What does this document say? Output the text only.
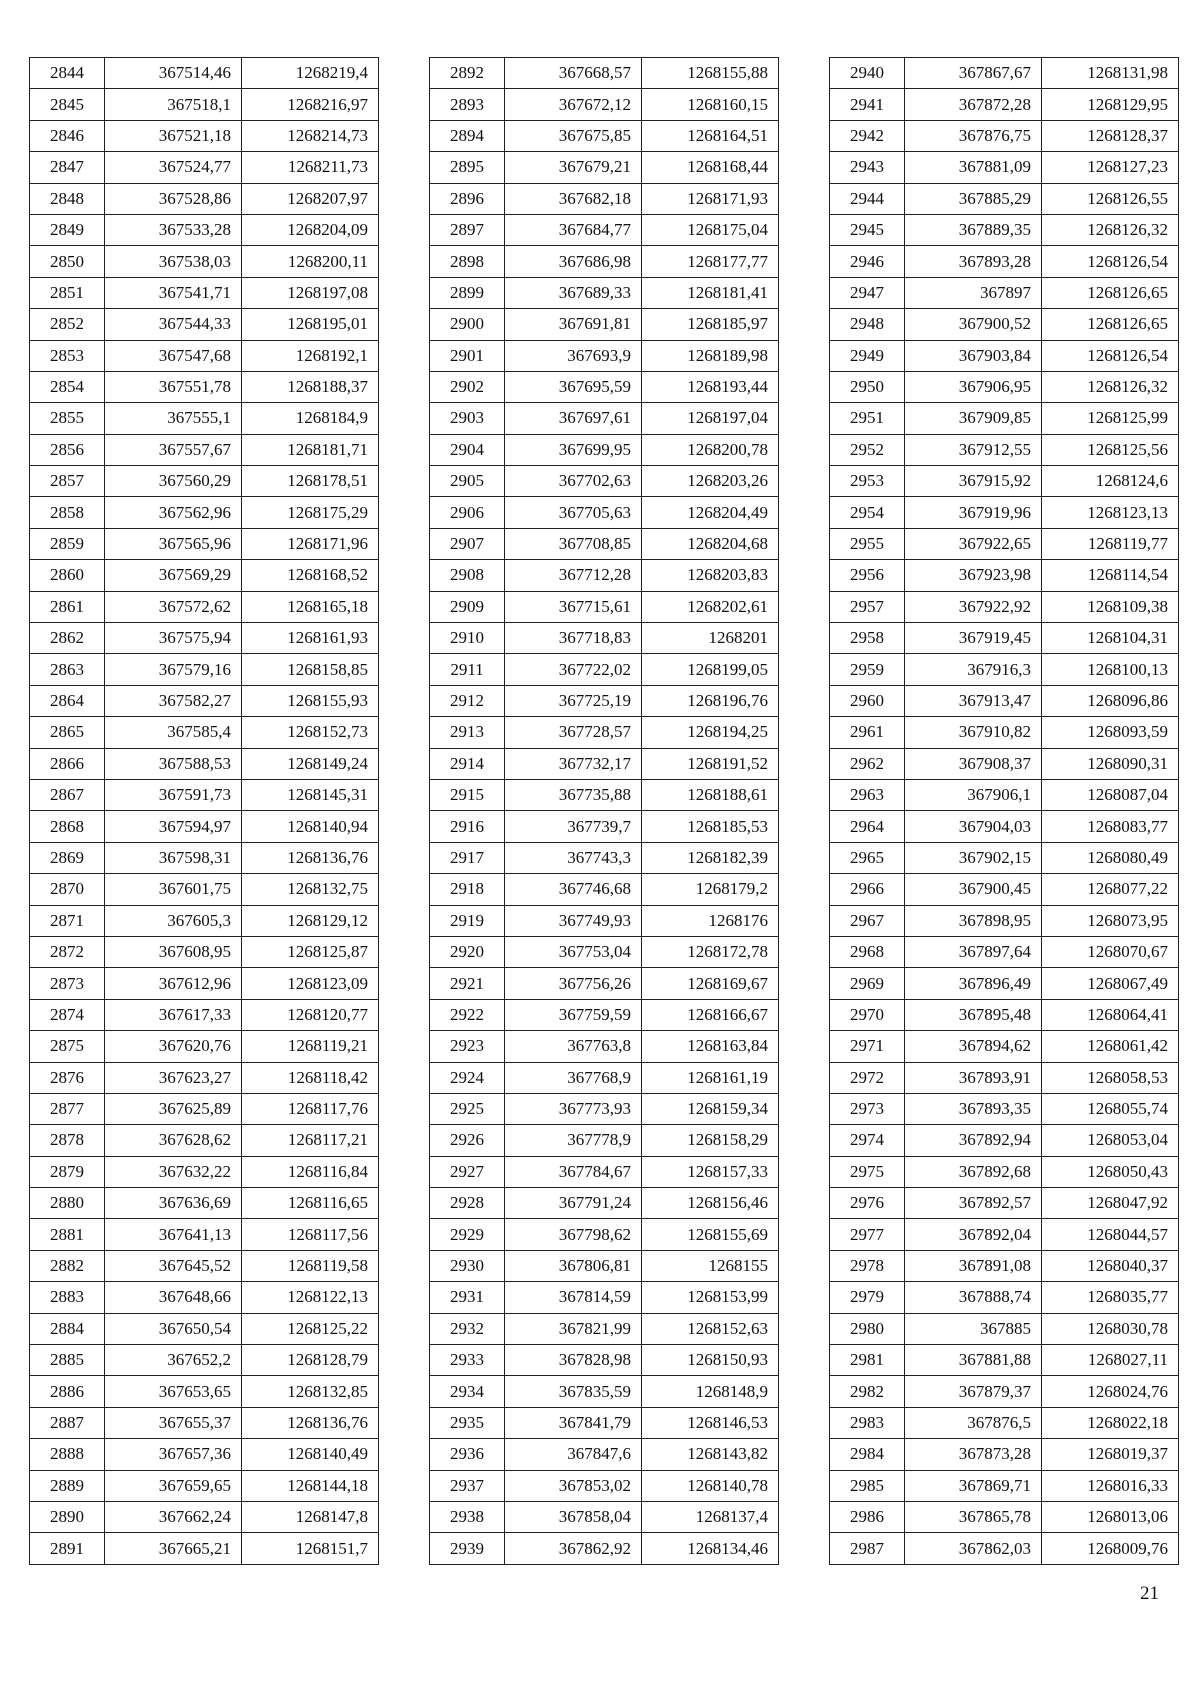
2844	367514,46	1268219,4
2845	367518,1	1268216,97
2846	367521,18	1268214,73
2847	367524,77	1268211,73
2848	367528,86	1268207,97
2849	367533,28	1268204,09
2850	367538,03	1268200,11
2851	367541,71	1268197,08
2852	367544,33	1268195,01
2853	367547,68	1268192,1
2854	367551,78	1268188,37
2855	367555,1	1268184,9
2856	367557,67	1268181,71
2857	367560,29	1268178,51
2858	367562,96	1268175,29
2859	367565,96	1268171,96
2860	367569,29	1268168,52
2861	367572,62	1268165,18
2862	367575,94	1268161,93
2863	367579,16	1268158,85
2864	367582,27	1268155,93
2865	367585,4	1268152,73
2866	367588,53	1268149,24
2867	367591,73	1268145,31
2868	367594,97	1268140,94
2869	367598,31	1268136,76
2870	367601,75	1268132,75
2871	367605,3	1268129,12
2872	367608,95	1268125,87
2873	367612,96	1268123,09
2874	367617,33	1268120,77
2875	367620,76	1268119,21
2876	367623,27	1268118,42
2877	367625,89	1268117,76
2878	367628,62	1268117,21
2879	367632,22	1268116,84
2880	367636,69	1268116,65
2881	367641,13	1268117,56
2882	367645,52	1268119,58
2883	367648,66	1268122,13
2884	367650,54	1268125,22
2885	367652,2	1268128,79
2886	367653,65	1268132,85
2887	367655,37	1268136,76
2888	367657,36	1268140,49
2889	367659,65	1268144,18
2890	367662,24	1268147,8
2891	367665,21	1268151,7
2892	367668,57	1268155,88
2893	367672,12	1268160,15
2894	367675,85	1268164,51
2895	367679,21	1268168,44
2896	367682,18	1268171,93
2897	367684,77	1268175,04
2898	367686,98	1268177,77
2899	367689,33	1268181,41
2900	367691,81	1268185,97
2901	367693,9	1268189,98
2902	367695,59	1268193,44
2903	367697,61	1268197,04
2904	367699,95	1268200,78
2905	367702,63	1268203,26
2906	367705,63	1268204,49
2907	367708,85	1268204,68
2908	367712,28	1268203,83
2909	367715,61	1268202,61
2910	367718,83	1268201
2911	367722,02	1268199,05
2912	367725,19	1268196,76
2913	367728,57	1268194,25
2914	367732,17	1268191,52
2915	367735,88	1268188,61
2916	367739,7	1268185,53
2917	367743,3	1268182,39
2918	367746,68	1268179,2
2919	367749,93	1268176
2920	367753,04	1268172,78
2921	367756,26	1268169,67
2922	367759,59	1268166,67
2923	367763,8	1268163,84
2924	367768,9	1268161,19
2925	367773,93	1268159,34
2926	367778,9	1268158,29
2927	367784,67	1268157,33
2928	367791,24	1268156,46
2929	367798,62	1268155,69
2930	367806,81	1268155
2931	367814,59	1268153,99
2932	367821,99	1268152,63
2933	367828,98	1268150,93
2934	367835,59	1268148,9
2935	367841,79	1268146,53
2936	367847,6	1268143,82
2937	367853,02	1268140,78
2938	367858,04	1268137,4
2939	367862,92	1268134,46
2940	367867,67	1268131,98
2941	367872,28	1268129,95
2942	367876,75	1268128,37
2943	367881,09	1268127,23
2944	367885,29	1268126,55
2945	367889,35	1268126,32
2946	367893,28	1268126,54
2947	367897	1268126,65
2948	367900,52	1268126,65
2949	367903,84	1268126,54
2950	367906,95	1268126,32
2951	367909,85	1268125,99
2952	367912,55	1268125,56
2953	367915,92	1268124,6
2954	367919,96	1268123,13
2955	367922,65	1268119,77
2956	367923,98	1268114,54
2957	367922,92	1268109,38
2958	367919,45	1268104,31
2959	367916,3	1268100,13
2960	367913,47	1268096,86
2961	367910,82	1268093,59
2962	367908,37	1268090,31
2963	367906,1	1268087,04
2964	367904,03	1268083,77
2965	367902,15	1268080,49
2966	367900,45	1268077,22
2967	367898,95	1268073,95
2968	367897,64	1268070,67
2969	367896,49	1268067,49
2970	367895,48	1268064,41
2971	367894,62	1268061,42
2972	367893,91	1268058,53
2973	367893,35	1268055,74
2974	367892,94	1268053,04
2975	367892,68	1268050,43
2976	367892,57	1268047,92
2977	367892,04	1268044,57
2978	367891,08	1268040,37
2979	367888,74	1268035,77
2980	367885	1268030,78
2981	367881,88	1268027,11
2982	367879,37	1268024,76
2983	367876,5	1268022,18
2984	367873,28	1268019,37
2985	367869,71	1268016,33
2986	367865,78	1268013,06
2987	367862,03	1268009,76
21
